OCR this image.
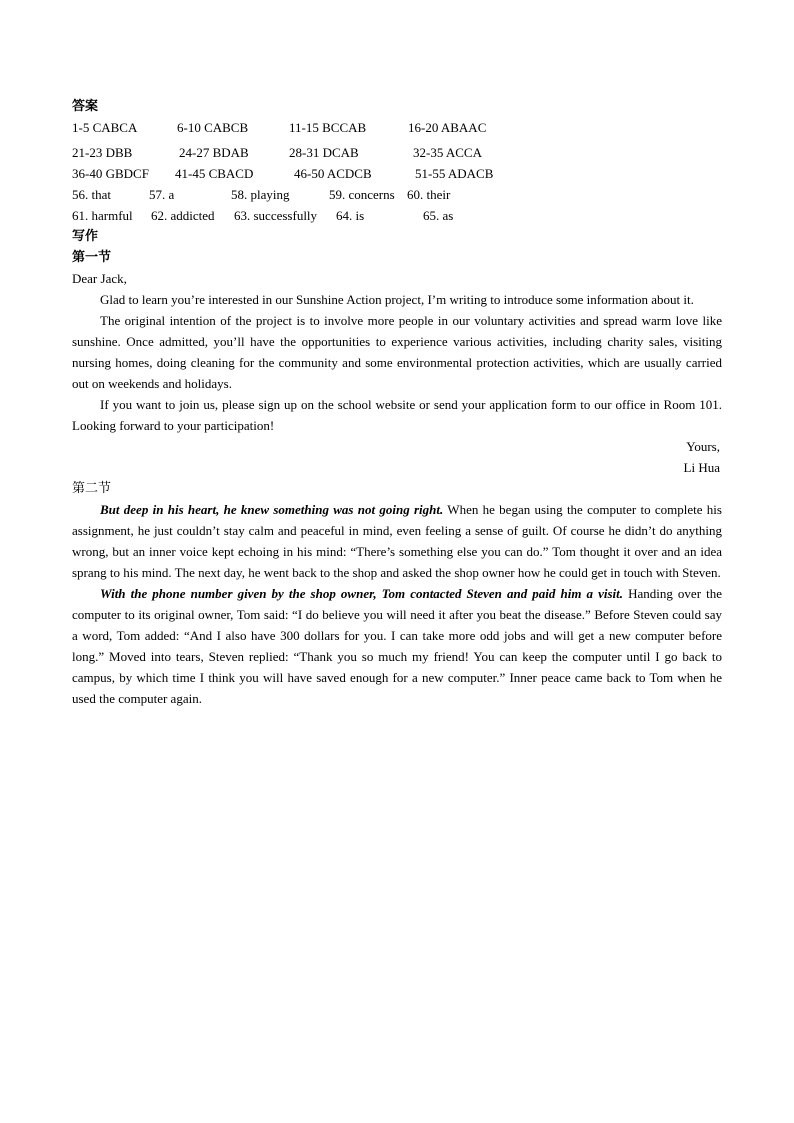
答案
1-5 CABCA	6-10 CABCB	11-15 BCCAB	16-20 ABAAC
21-23 DBB	24-27 BDAB	28-31 DCAB	32-35 ACCA
36-40 GBDCF 41-45 CBACD	46-50 ACDCB	51-55 ADACB
56. that	57. a	58. playing	59. concerns 60. their
61. harmful 62. addicted 63. successfully 64. is	65. as
写作
第一节
Dear Jack,

Glad to learn you’re interested in our Sunshine Action project, I’m writing to introduce some information about it.

The original intention of the project is to involve more people in our voluntary activities and spread warm love like sunshine. Once admitted, you’ll have the opportunities to experience various activities, including charity sales, visiting nursing homes, doing cleaning for the community and some environmental protection activities, which are usually carried out on weekends and holidays.

If you want to join us, please sign up on the school website or send your application form to our office in Room 101. Looking forward to your participation!

Yours,
Li Hua
第二节

But deep in his heart, he knew something was not going right. When he began using the computer to complete his assignment, he just couldn’t stay calm and peaceful in mind, even feeling a sense of guilt. Of course he didn’t do anything wrong, but an inner voice kept echoing in his mind: “There’s something else you can do.” Tom thought it over and an idea sprang to his mind. The next day, he went back to the shop and asked the shop owner how he could get in touch with Steven.

With the phone number given by the shop owner, Tom contacted Steven and paid him a visit. Handing over the computer to its original owner, Tom said: “I do believe you will need it after you beat the disease.” Before Steven could say a word, Tom added: “And I also have 300 dollars for you. I can take more odd jobs and will get a new computer before long.” Moved into tears, Steven replied: “Thank you so much my friend! You can keep the computer until I go back to campus, by which time I think you will have saved enough for a new computer.” Inner peace came back to Tom when he used the computer again.
